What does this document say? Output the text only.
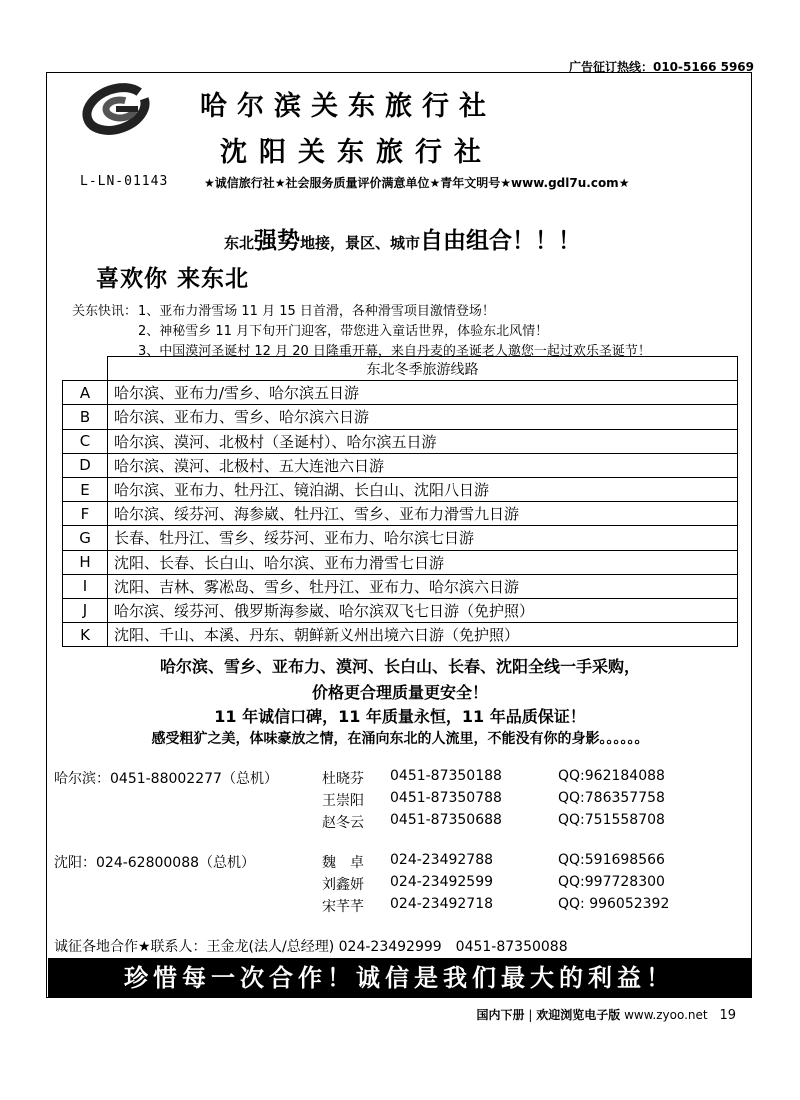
广告征订热线：010-5166 5969
哈尔滨关东旅行社
沈阳关东旅行社
L-LN-01143	★诚信旅行社★社会服务质量评价满意单位★青年文明号★www.gdl7u.com★
东北强势地接，景区、城市自由组合！！！
喜欢你 来东北
关东快讯： 1、亚布力滑雪场 11 月 15 日首滑，各种滑雪项目激情登场！
2、神秘雪乡 11 月下旬开门迎客，带您进入童话世界，体验东北风情！
3、中国漠河圣诞村 12 月 20 日隆重开幕，来自丹麦的圣诞老人邀您一起过欢乐圣诞节！
	东北冬季旅游线路
A	哈尔滨、亚布力/雪乡、哈尔滨五日游
B	哈尔滨、亚布力、雪乡、哈尔滨六日游
C	哈尔滨、漠河、北极村（圣诞村）、哈尔滨五日游
D	哈尔滨、漠河、北极村、五大连池六日游
E	哈尔滨、亚布力、牡丹江、镜泊湖、长白山、沈阳八日游
F	哈尔滨、绥芬河、海参崴、牡丹江、雪乡、亚布力滑雪九日游
G	长春、牡丹江、雪乡、绥芬河、亚布力、哈尔滨七日游
H	沈阳、长春、长白山、哈尔滨、亚布力滑雪七日游
I	沈阳、吉林、雾凇岛、雪乡、牡丹江、亚布力、哈尔滨六日游
J	哈尔滨、绥芬河、俄罗斯海参崴、哈尔滨双飞七日游（免护照）
K	沈阳、千山、本溪、丹东、朝鲜新义州出境六日游（免护照）
哈尔滨、雪乡、亚布力、漠河、长白山、长春、沈阳全线一手采购，
价格更合理质量更安全！
11 年诚信口碑，11 年质量永恒，11 年品质保证！
感受粗犷之美，体味豪放之情，在涌向东北的人流里，不能没有你的身影。。。。。。
哈尔滨：0451-88002277（总机）	杜晓芬 0451-87350188	QQ:962184088
王崇阳 0451-87350788	QQ:786357758
赵冬云 0451-87350688	QQ:751558708
沈阳：024-62800088（总机）	魏　卓 024-23492788	QQ:591698566
刘鑫妍 024-23492599	QQ:997728300
宋芊芊 024-23492718	QQ: 996052392
诚征各地合作★联系人：王金龙(法人/总经理) 024-23492999　0451-87350088
珍惜每一次合作！诚信是我们最大的利益！
国内下册 | 欢迎浏览电子版 www.zyoo.net 19
